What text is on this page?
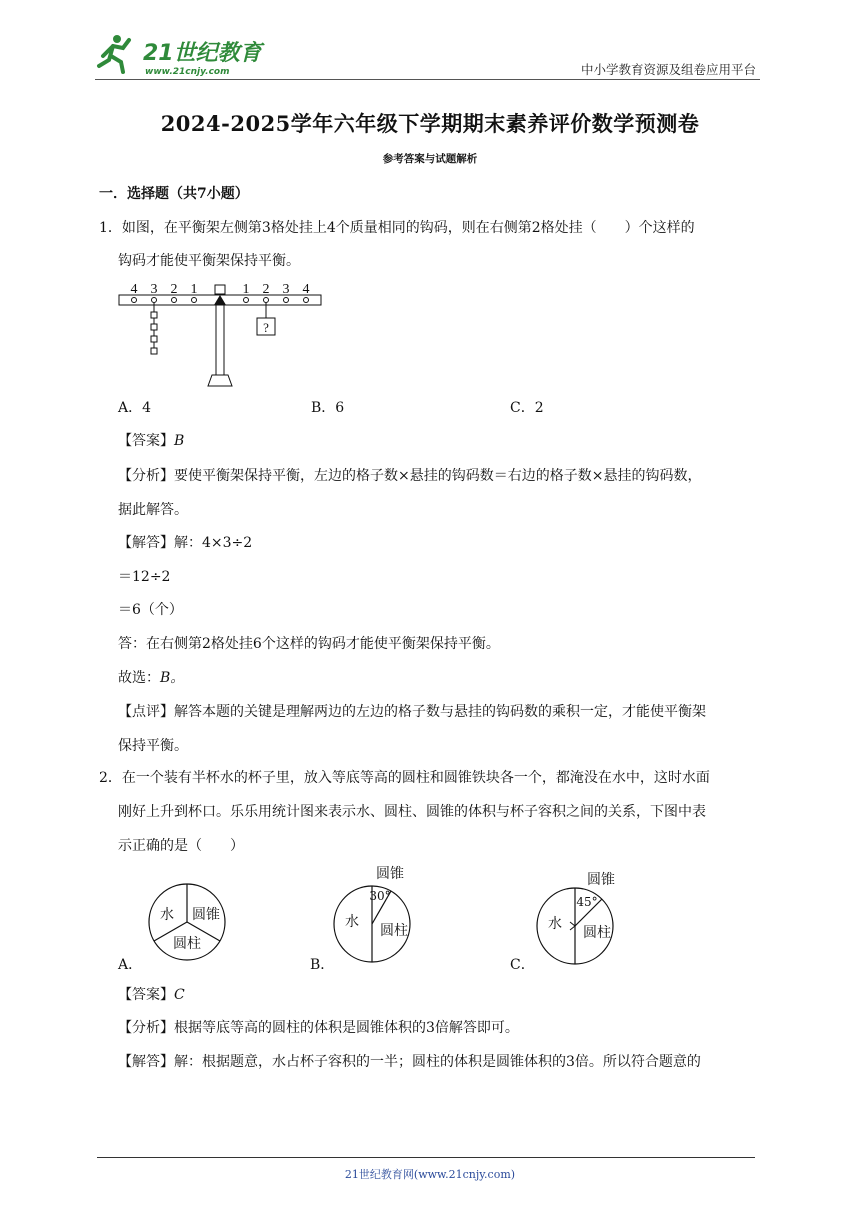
21世纪教育
www.21cnjy.com	中小学教育资源及组卷应用平台
2024-2025学年六年级下学期期末素养评价数学预测卷
参考答案与试题解析
一．选择题（共7小题）
1．如图，在平衡架左侧第3格处挂上4个质量相同的钩码，则在右侧第2格处挂（　　）个这样的
钩码才能使平衡架保持平衡。
4 3 2 1	1 2 3 4
?
A．4	B．6	C．2
【答案】B
【分析】要使平衡架保持平衡，左边的格子数×悬挂的钩码数＝右边的格子数×悬挂的钩码数，
据此解答。
【解答】解：4×3÷2
＝12÷2
＝6（个）
答：在右侧第2格处挂6个这样的钩码才能使平衡架保持平衡。
故选：B。
【点评】解答本题的关键是理解两边的左边的格子数与悬挂的钩码数的乘积一定，才能使平衡架
保持平衡。
2．在一个装有半杯水的杯子里，放入等底等高的圆柱和圆锥铁块各一个，都淹没在水中，这时水面
刚好上升到杯口。乐乐用统计图来表示水、圆柱、圆锥的体积与杯子容积之间的关系，下图中表
示正确的是（　　）
A．
水 圆锥
圆柱
B．
圆锥
30°
水
圆柱
C．
圆锥
45°
水
圆柱
【答案】C
【分析】根据等底等高的圆柱的体积是圆锥体积的3倍解答即可。
【解答】解：根据题意，水占杯子容积的一半；圆柱的体积是圆锥体积的3倍。所以符合题意的
21世纪教育网(www.21cnjy.com)
